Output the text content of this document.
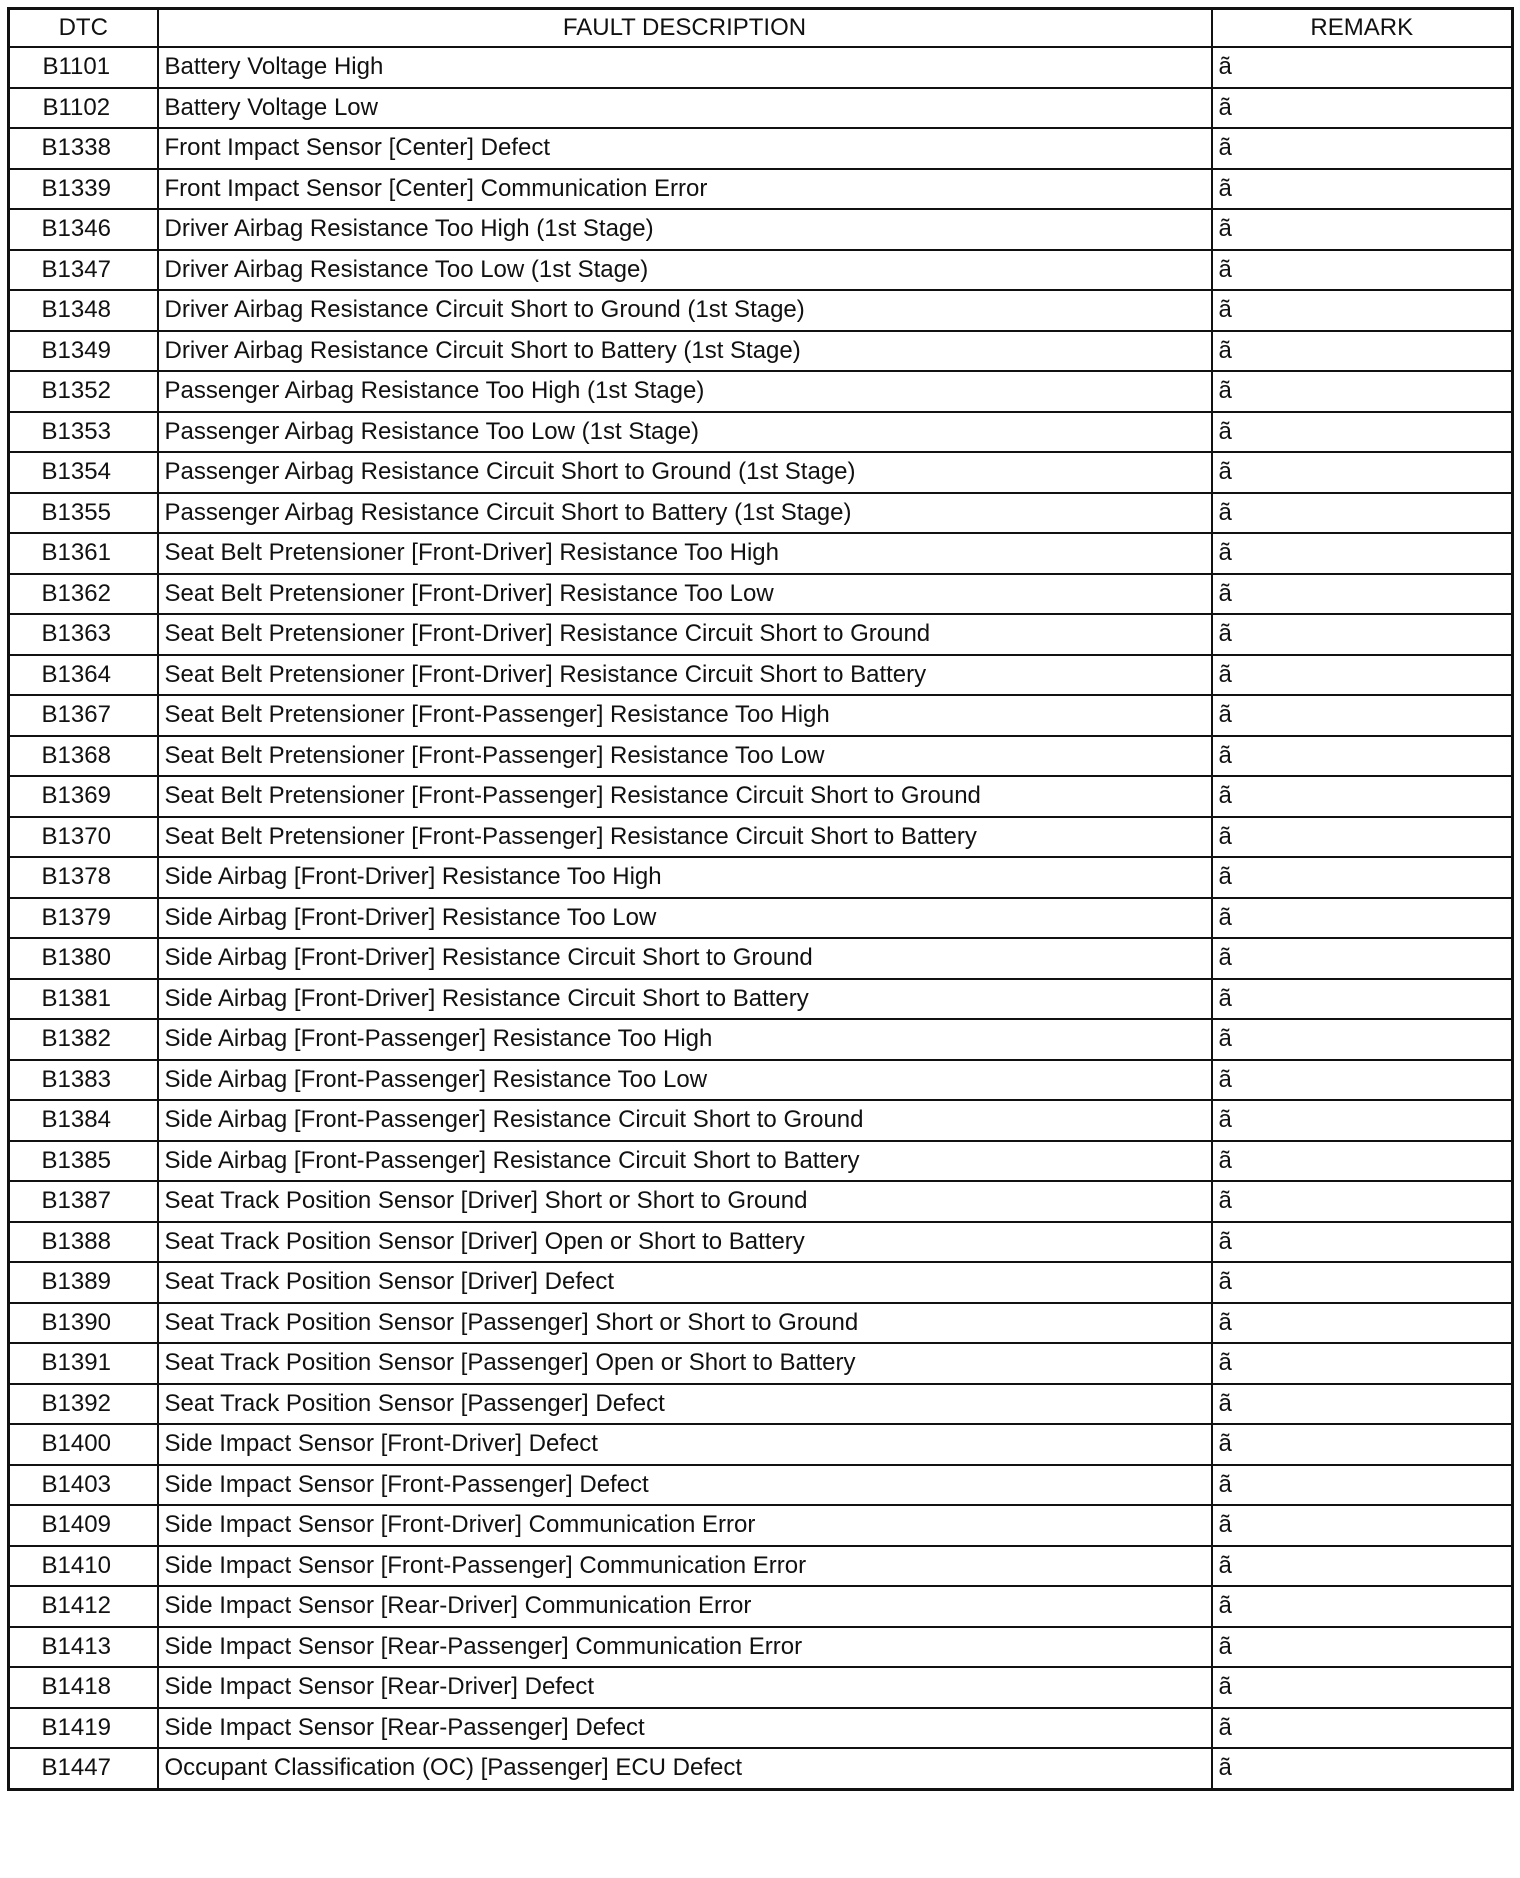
DTC	FAULT DESCRIPTION	REMARK
B1101	Battery Voltage High	ã
B1102	Battery Voltage Low	ã
B1338	Front Impact Sensor [Center] Defect	ã
B1339	Front Impact Sensor [Center] Communication Error	ã
B1346	Driver Airbag Resistance Too High (1st Stage)	ã
B1347	Driver Airbag Resistance Too Low (1st Stage)	ã
B1348	Driver Airbag Resistance Circuit Short to Ground (1st Stage)	ã
B1349	Driver Airbag Resistance Circuit Short to Battery (1st Stage)	ã
B1352	Passenger Airbag Resistance Too High (1st Stage)	ã
B1353	Passenger Airbag Resistance Too Low (1st Stage)	ã
B1354	Passenger Airbag Resistance Circuit Short to Ground (1st Stage)	ã
B1355	Passenger Airbag Resistance Circuit Short to Battery (1st Stage)	ã
B1361	Seat Belt Pretensioner [Front-Driver] Resistance Too High	ã
B1362	Seat Belt Pretensioner [Front-Driver] Resistance Too Low	ã
B1363	Seat Belt Pretensioner [Front-Driver] Resistance Circuit Short to Ground	ã
B1364	Seat Belt Pretensioner [Front-Driver] Resistance Circuit Short to Battery	ã
B1367	Seat Belt Pretensioner [Front-Passenger] Resistance Too High	ã
B1368	Seat Belt Pretensioner [Front-Passenger] Resistance Too Low	ã
B1369	Seat Belt Pretensioner [Front-Passenger] Resistance Circuit Short to Ground	ã
B1370	Seat Belt Pretensioner [Front-Passenger] Resistance Circuit Short to Battery	ã
B1378	Side Airbag [Front-Driver] Resistance Too High	ã
B1379	Side Airbag [Front-Driver] Resistance Too Low	ã
B1380	Side Airbag [Front-Driver] Resistance Circuit Short to Ground	ã
B1381	Side Airbag [Front-Driver] Resistance Circuit Short to Battery	ã
B1382	Side Airbag [Front-Passenger] Resistance Too High	ã
B1383	Side Airbag [Front-Passenger] Resistance Too Low	ã
B1384	Side Airbag [Front-Passenger] Resistance Circuit Short to Ground	ã
B1385	Side Airbag [Front-Passenger] Resistance Circuit Short to Battery	ã
B1387	Seat Track Position Sensor [Driver] Short or Short to Ground	ã
B1388	Seat Track Position Sensor [Driver] Open or Short to Battery	ã
B1389	Seat Track Position Sensor [Driver] Defect	ã
B1390	Seat Track Position Sensor [Passenger] Short or Short to Ground	ã
B1391	Seat Track Position Sensor [Passenger] Open or Short to Battery	ã
B1392	Seat Track Position Sensor [Passenger] Defect	ã
B1400	Side Impact Sensor [Front-Driver] Defect	ã
B1403	Side Impact Sensor [Front-Passenger] Defect	ã
B1409	Side Impact Sensor [Front-Driver] Communication Error	ã
B1410	Side Impact Sensor [Front-Passenger] Communication Error	ã
B1412	Side Impact Sensor [Rear-Driver] Communication Error	ã
B1413	Side Impact Sensor [Rear-Passenger] Communication Error	ã
B1418	Side Impact Sensor [Rear-Driver] Defect	ã
B1419	Side Impact Sensor [Rear-Passenger] Defect	ã
B1447	Occupant Classification (OC) [Passenger] ECU Defect	ã
